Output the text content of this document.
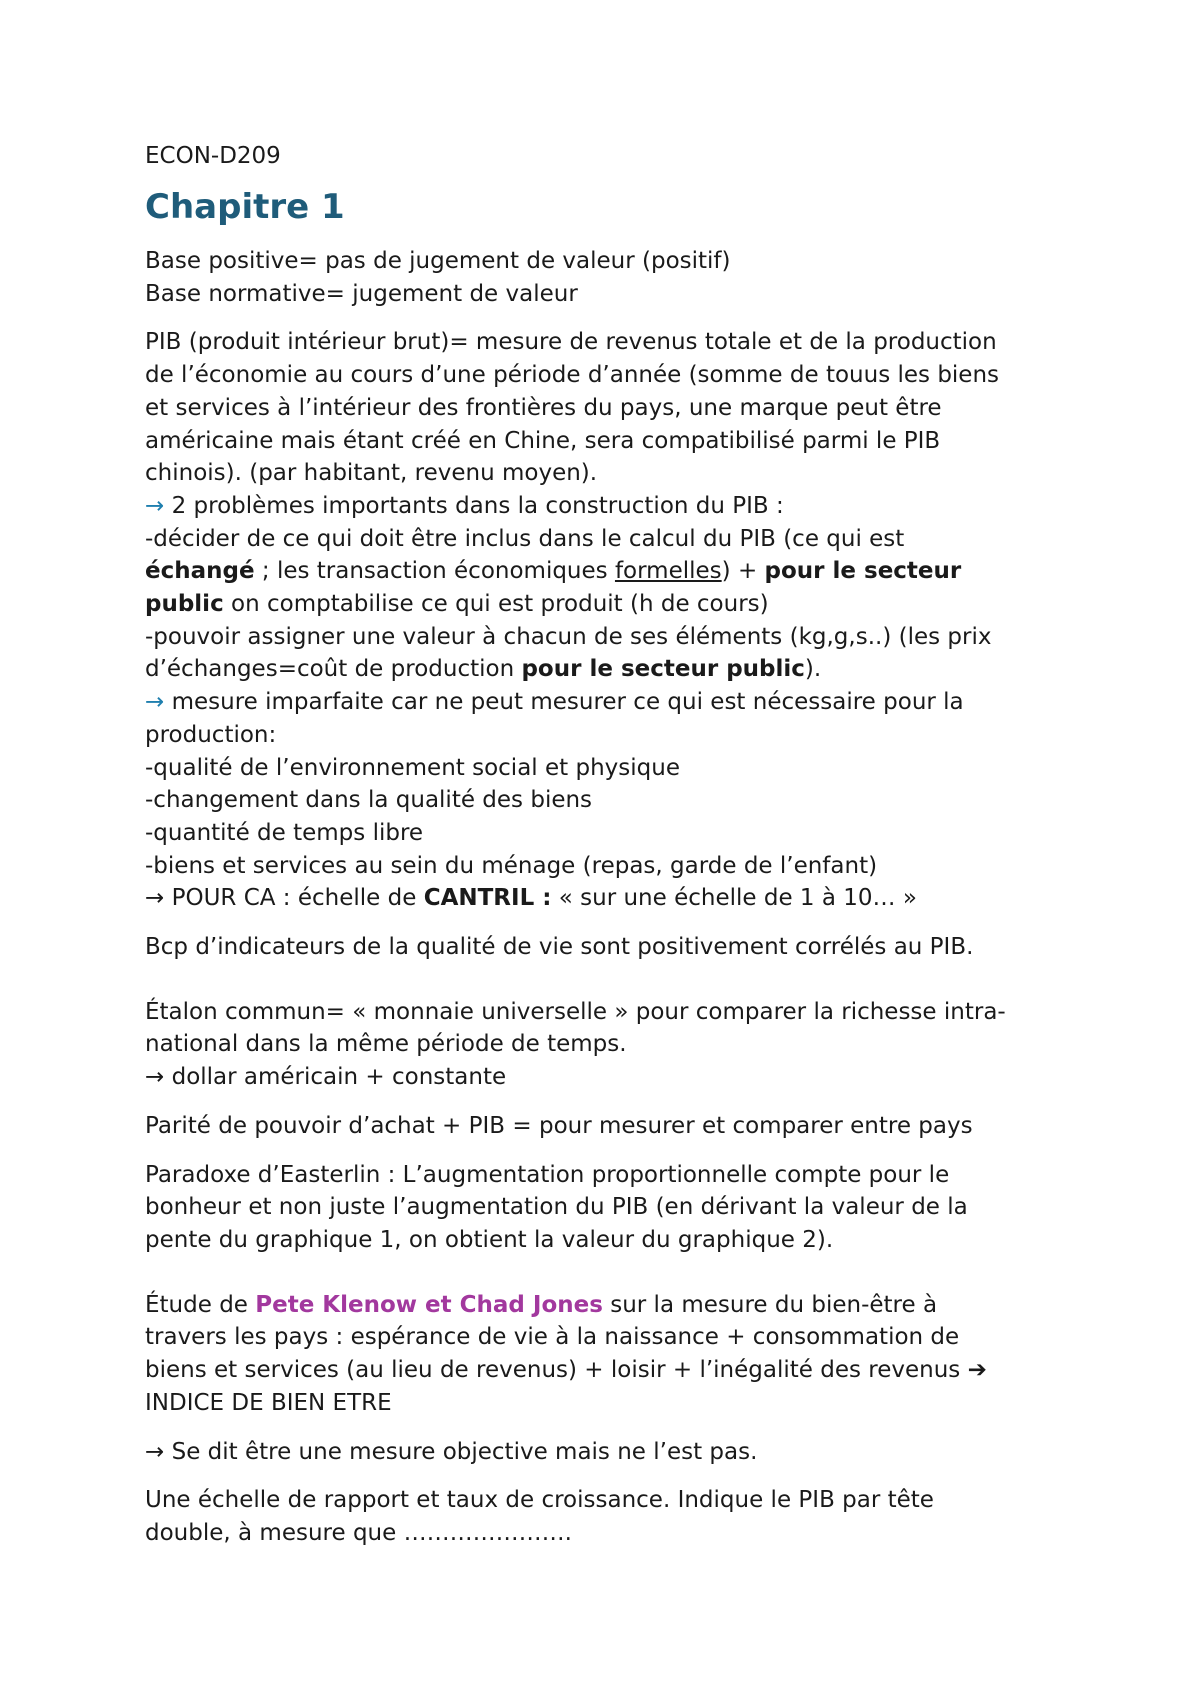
ECON-D209
Chapitre 1

Base positive= pas de jugement de valeur (positif)
Base normative= jugement de valeur

PIB (produit intérieur brut)= mesure de revenus totale et de la production
de l’économie au cours d’une période d’année (somme de touus les biens
et services à l’intérieur des frontières du pays, une marque peut être
américaine mais étant créé en Chine, sera compatibilisé parmi le PIB
chinois). (par habitant, revenu moyen).
→ 2 problèmes importants dans la construction du PIB :
-décider de ce qui doit être inclus dans le calcul du PIB (ce qui est
échangé ; les transaction économiques formelles) + pour le secteur
public on comptabilise ce qui est produit (h de cours)
-pouvoir assigner une valeur à chacun de ses éléments (kg,g,s..) (les prix
d’échanges=coût de production pour le secteur public).
→ mesure imparfaite car ne peut mesurer ce qui est nécessaire pour la
production:
-qualité de l’environnement social et physique
-changement dans la qualité des biens
-quantité de temps libre
-biens et services au sein du ménage (repas, garde de l’enfant)
→ POUR CA : échelle de CANTRIL : « sur une échelle de 1 à 10… »

Bcp d’indicateurs de la qualité de vie sont positivement corrélés au PIB.

Étalon commun= « monnaie universelle » pour comparer la richesse intra-
national dans la même période de temps.
→ dollar américain + constante

Parité de pouvoir d’achat + PIB = pour mesurer et comparer entre pays

Paradoxe d’Easterlin : L’augmentation proportionnelle compte pour le
bonheur et non juste l’augmentation du PIB (en dérivant la valeur de la
pente du graphique 1, on obtient la valeur du graphique 2).

Étude de Pete Klenow et Chad Jones sur la mesure du bien-être à
travers les pays : espérance de vie à la naissance + consommation de
biens et services (au lieu de revenus) + loisir + l’inégalité des revenus ➔
INDICE DE BIEN ETRE

→ Se dit être une mesure objective mais ne l’est pas.

Une échelle de rapport et taux de croissance. Indique le PIB par tête
double, à mesure que ………………….
